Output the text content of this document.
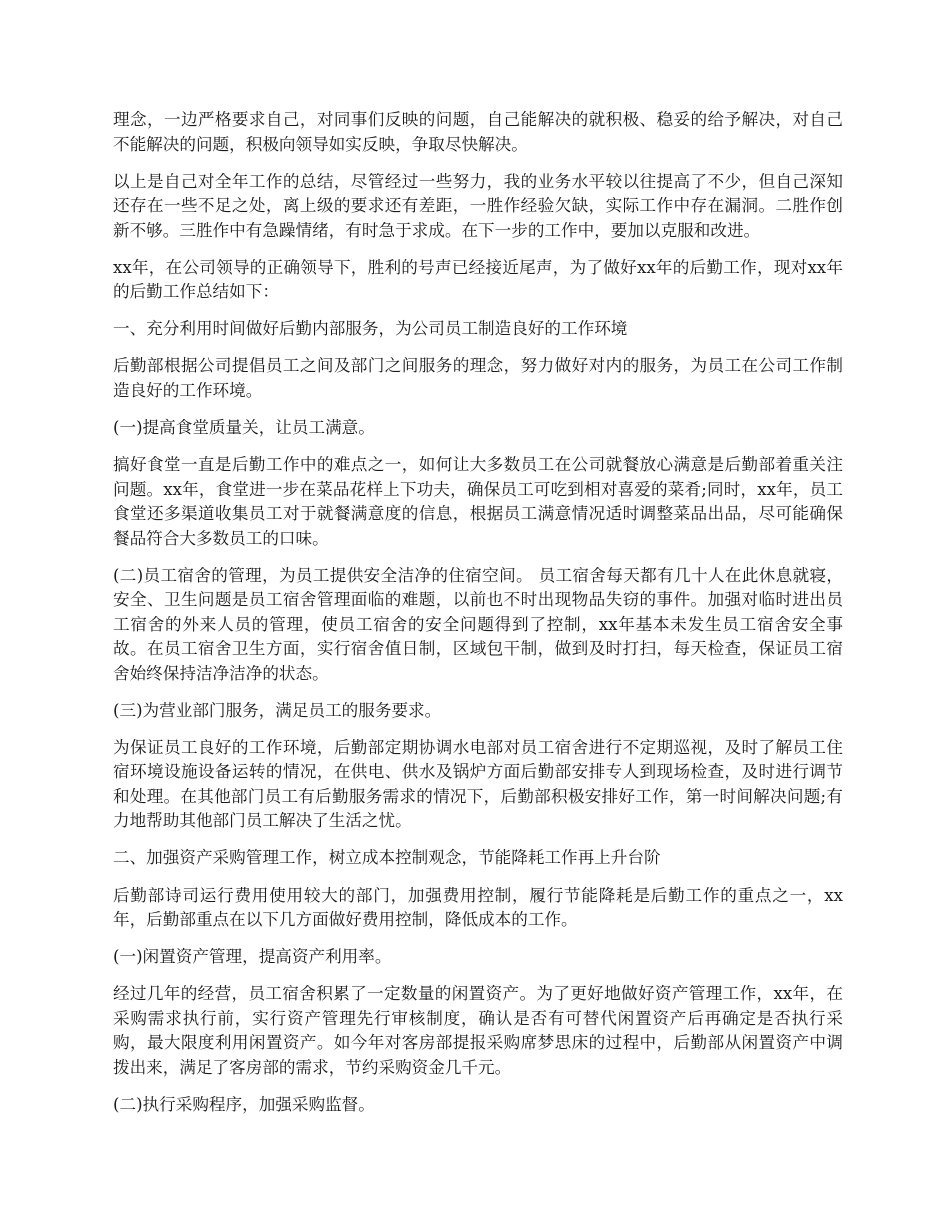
理念，一边严格要求自己，对同事们反映的问题，自己能解决的就积极、稳妥的给予解决，对自己不能解决的问题，积极向领导如实反映，争取尽快解决。

以上是自己对全年工作的总结，尽管经过一些努力，我的业务水平较以往提高了不少，但自己深知还存在一些不足之处，离上级的要求还有差距，一胜作经验欠缺，实际工作中存在漏洞。二胜作创新不够。三胜作中有急躁情绪，有时急于求成。在下一步的工作中，要加以克服和改进。

xx年，在公司领导的正确领导下，胜利的号声已经接近尾声，为了做好xx年的后勤工作，现对xx年的后勤工作总结如下：

一、充分利用时间做好后勤内部服务，为公司员工制造良好的工作环境

后勤部根据公司提倡员工之间及部门之间服务的理念，努力做好对内的服务，为员工在公司工作制造良好的工作环境。

(一)提高食堂质量关，让员工满意。

搞好食堂一直是后勤工作中的难点之一，如何让大多数员工在公司就餐放心满意是后勤部着重关注问题。xx年，食堂进一步在菜品花样上下功夫，确保员工可吃到相对喜爱的菜肴;同时，xx年，员工食堂还多渠道收集员工对于就餐满意度的信息，根据员工满意情况适时调整菜品出品，尽可能确保餐品符合大多数员工的口味。

(二)员工宿舍的管理，为员工提供安全洁净的住宿空间。 员工宿舍每天都有几十人在此休息就寝，安全、卫生问题是员工宿舍管理面临的难题，以前也不时出现物品失窃的事件。加强对临时进出员工宿舍的外来人员的管理，使员工宿舍的安全问题得到了控制，xx年基本未发生员工宿舍安全事故。在员工宿舍卫生方面，实行宿舍值日制，区域包干制，做到及时打扫，每天检查，保证员工宿舍始终保持洁净洁净的状态。

(三)为营业部门服务，满足员工的服务要求。

为保证员工良好的工作环境，后勤部定期协调水电部对员工宿舍进行不定期巡视，及时了解员工住宿环境设施设备运转的情况，在供电、供水及锅炉方面后勤部安排专人到现场检查，及时进行调节和处理。在其他部门员工有后勤服务需求的情况下，后勤部积极安排好工作，第一时间解决问题;有力地帮助其他部门员工解决了生活之忧。

二、加强资产采购管理工作，树立成本控制观念，节能降耗工作再上升台阶

后勤部诗司运行费用使用较大的部门，加强费用控制，履行节能降耗是后勤工作的重点之一，xx年，后勤部重点在以下几方面做好费用控制，降低成本的工作。

(一)闲置资产管理，提高资产利用率。

经过几年的经营，员工宿舍积累了一定数量的闲置资产。为了更好地做好资产管理工作，xx年，在采购需求执行前，实行资产管理先行审核制度，确认是否有可替代闲置资产后再确定是否执行采购，最大限度利用闲置资产。如今年对客房部提报采购席梦思床的过程中，后勤部从闲置资产中调拨出来，满足了客房部的需求，节约采购资金几千元。

(二)执行采购程序，加强采购监督。
